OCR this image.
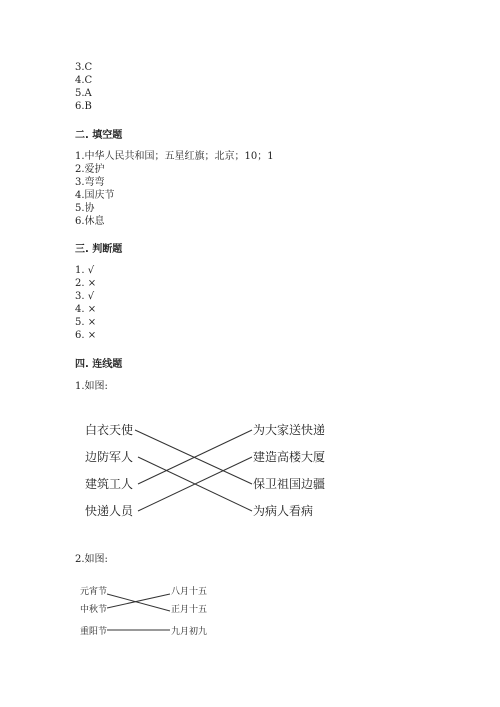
3.C
4.C
5.A
6.B
二. 填空题
1.中华人民共和国；五星红旗；北京；10；1
2.爱护
3.弯弯
4.国庆节
5.协
6.休息
三. 判断题
1. √
2. ×
3. √
4. ×
5. ×
6. ×
四. 连线题
1.如图:
白衣天使
边防军人
建筑工人
快递人员
为大家送快递
建造高楼大厦
保卫祖国边疆
为病人看病
2.如图:
元宵节
中秋节
重阳节
八月十五
正月十五
九月初九
